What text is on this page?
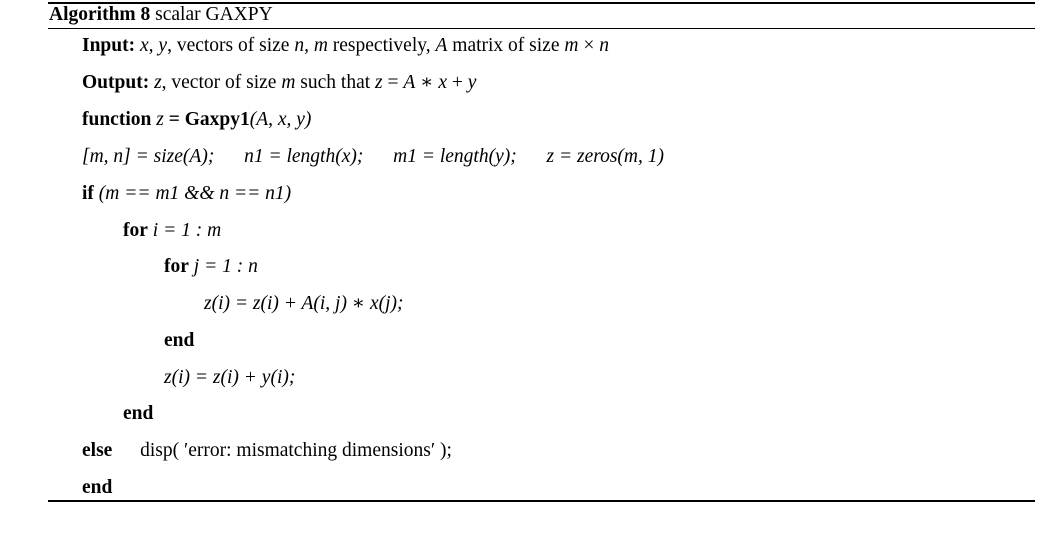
Algorithm 8 scalar GAXPY
Input: x, y, vectors of size n, m respectively, A matrix of size m × n
Output: z, vector of size m such that z = A ∗ x + y
function z = Gaxpy1(A, x, y)
[m, n] = size(A); n1 = length(x); m1 = length(y); z = zeros(m, 1)
if (m == m1 && n == n1)
for i = 1 : m
for j = 1 : n
z(i) = z(i) + A(i, j) ∗ x(j);
end
z(i) = z(i) + y(i);
end
else disp( ′error: mismatching dimensions′ );
end
